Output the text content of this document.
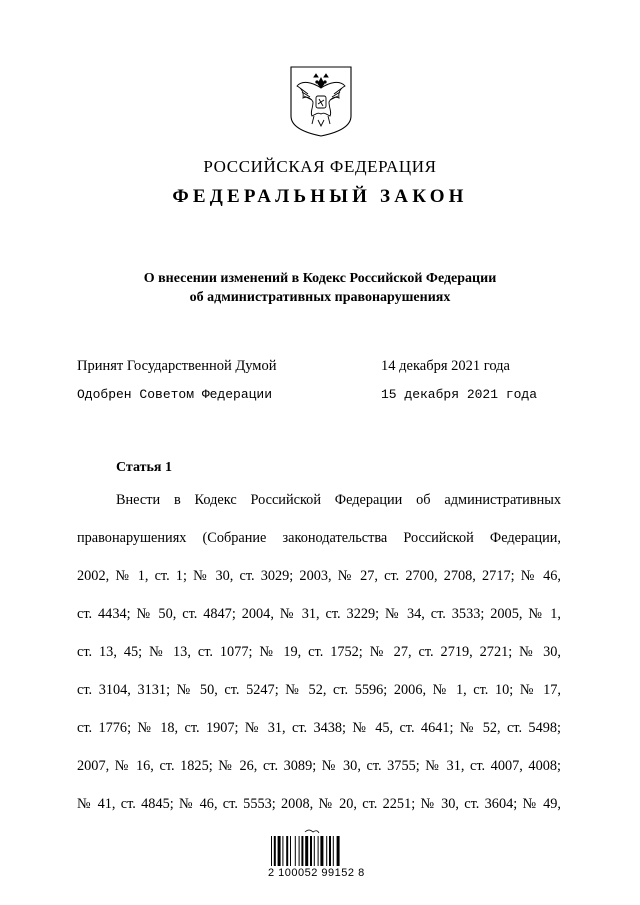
РОССИЙСКАЯ ФЕДЕРАЦИЯ
ФЕДЕРАЛЬНЫЙ ЗАКОН
О внесении изменений в Кодекс Российской Федерации
об административных правонарушениях
Принят Государственной Думой	14 декабря 2021 года
Одобрен Советом Федерации	15 декабря 2021 года
Статья 1
Внести в Кодекс Российской Федерации об административных
правонарушениях (Собрание законодательства Российской Федерации,
2002, № 1, ст. 1; № 30, ст. 3029; 2003, № 27, ст. 2700, 2708, 2717; № 46,
ст. 4434; № 50, ст. 4847; 2004, № 31, ст. 3229; № 34, ст. 3533; 2005, № 1,
ст. 13, 45; № 13, ст. 1077; № 19, ст. 1752; № 27, ст. 2719, 2721; № 30,
ст. 3104, 3131; № 50, ст. 5247; № 52, ст. 5596; 2006, № 1, ст. 10; № 17,
ст. 1776; № 18, ст. 1907; № 31, ст. 3438; № 45, ст. 4641; № 52, ст. 5498;
2007, № 16, ст. 1825; № 26, ст. 3089; № 30, ст. 3755; № 31, ст. 4007, 4008;
№ 41, ст. 4845; № 46, ст. 5553; 2008, № 20, ст. 2251; № 30, ст. 3604; № 49,
2 100052 99152 8
